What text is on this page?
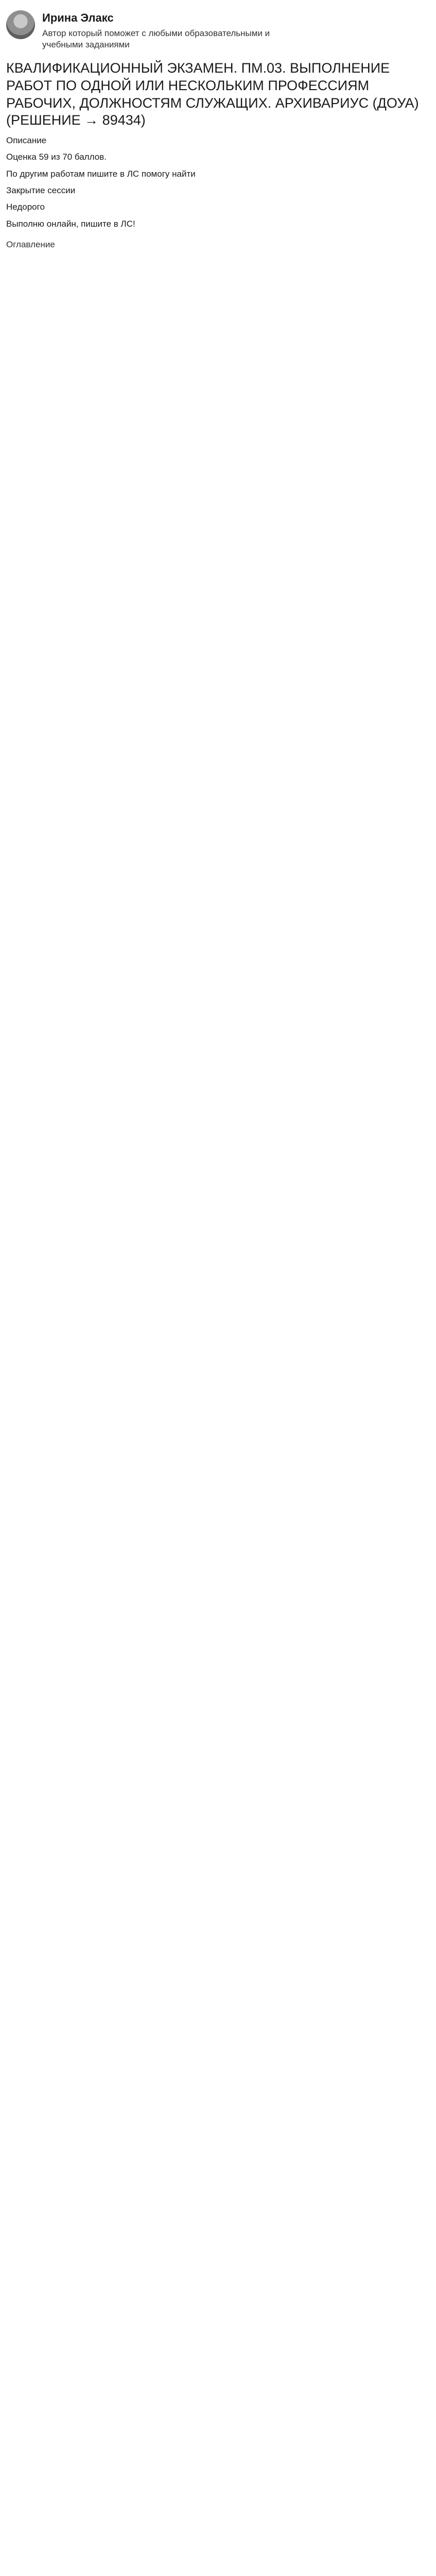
Ирина Элакс

Автор который поможет с любыми образовательными и учебными заданиями

КВАЛИФИКАЦИОННЫЙ ЭКЗАМЕН. ПМ.03. ВЫПОЛНЕНИЕ РАБОТ ПО ОДНОЙ ИЛИ НЕСКОЛЬКИМ ПРОФЕССИЯМ РАБОЧИХ, ДОЛЖНОСТЯМ СЛУЖАЩИХ. АРХИВАРИУС (ДОУА) (РЕШЕНИЕ → 89434)

Описание

Оценка 59 из 70 баллов.

По другим работам пишите в ЛС помогу найти

Закрытие сессии

Недорого

Выполню онлайн, пишите в ЛС!

Оглавление
